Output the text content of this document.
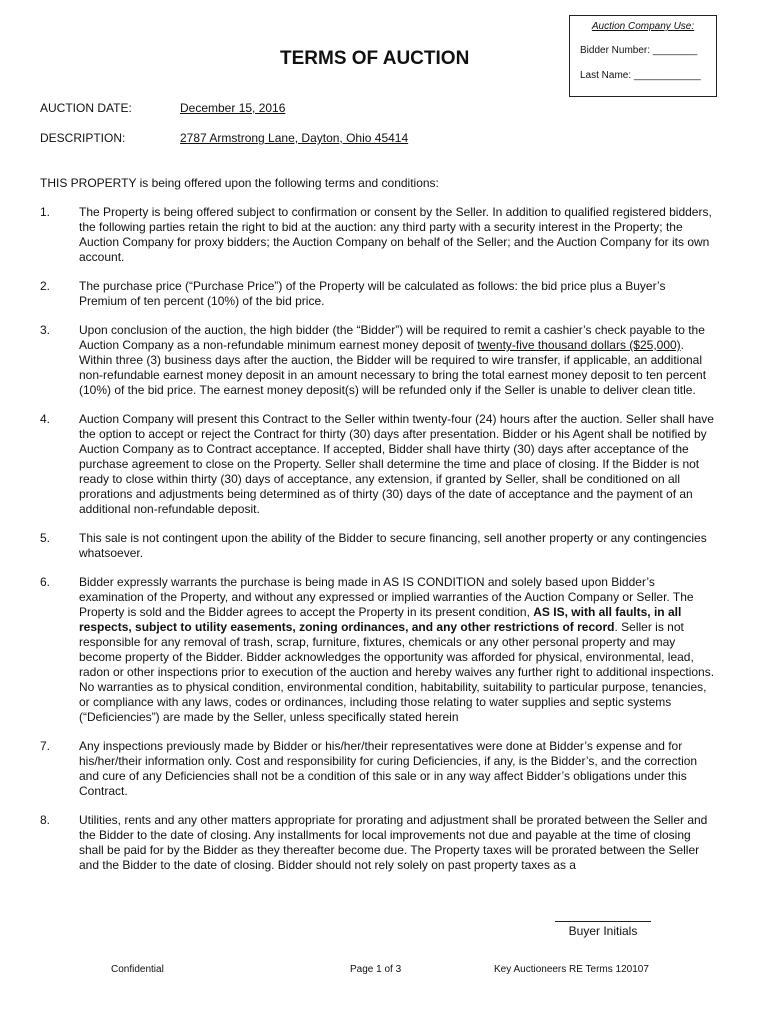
Auction Company Use:
Bidder Number: ________
Last Name: ____________
TERMS OF AUCTION
AUCTION DATE:	December 15, 2016
DESCRIPTION:	2787 Armstrong Lane, Dayton, Ohio 45414
THIS PROPERTY is being offered upon the following terms and conditions:
1.	The Property is being offered subject to confirmation or consent by the Seller. In addition to qualified registered bidders, the following parties retain the right to bid at the auction: any third party with a security interest in the Property; the Auction Company for proxy bidders; the Auction Company on behalf of the Seller; and the Auction Company for its own account.
2.	The purchase price (“Purchase Price”) of the Property will be calculated as follows: the bid price plus a Buyer’s Premium of ten percent (10%) of the bid price.
3.	Upon conclusion of the auction, the high bidder (the “Bidder”) will be required to remit a cashier’s check payable to the Auction Company as a non-refundable minimum earnest money deposit of twenty-five thousand dollars ($25,000). Within three (3) business days after the auction, the Bidder will be required to wire transfer, if applicable, an additional non-refundable earnest money deposit in an amount necessary to bring the total earnest money deposit to ten percent (10%) of the bid price. The earnest money deposit(s) will be refunded only if the Seller is unable to deliver clean title.
4.	Auction Company will present this Contract to the Seller within twenty-four (24) hours after the auction. Seller shall have the option to accept or reject the Contract for thirty (30) days after presentation. Bidder or his Agent shall be notified by Auction Company as to Contract acceptance. If accepted, Bidder shall have thirty (30) days after acceptance of the purchase agreement to close on the Property. Seller shall determine the time and place of closing. If the Bidder is not ready to close within thirty (30) days of acceptance, any extension, if granted by Seller, shall be conditioned on all prorations and adjustments being determined as of thirty (30) days of the date of acceptance and the payment of an additional non-refundable deposit.
5.	This sale is not contingent upon the ability of the Bidder to secure financing, sell another property or any contingencies whatsoever.
6.	Bidder expressly warrants the purchase is being made in AS IS CONDITION and solely based upon Bidder’s examination of the Property, and without any expressed or implied warranties of the Auction Company or Seller. The Property is sold and the Bidder agrees to accept the Property in its present condition, AS IS, with all faults, in all respects, subject to utility easements, zoning ordinances, and any other restrictions of record. Seller is not responsible for any removal of trash, scrap, furniture, fixtures, chemicals or any other personal property and may become property of the Bidder. Bidder acknowledges the opportunity was afforded for physical, environmental, lead, radon or other inspections prior to execution of the auction and hereby waives any further right to additional inspections. No warranties as to physical condition, environmental condition, habitability, suitability to particular purpose, tenancies, or compliance with any laws, codes or ordinances, including those relating to water supplies and septic systems (“Deficiencies”) are made by the Seller, unless specifically stated herein
7.	Any inspections previously made by Bidder or his/her/their representatives were done at Bidder’s expense and for his/her/their information only. Cost and responsibility for curing Deficiencies, if any, is the Bidder’s, and the correction and cure of any Deficiencies shall not be a condition of this sale or in any way affect Bidder’s obligations under this Contract.
8.	Utilities, rents and any other matters appropriate for prorating and adjustment shall be prorated between the Seller and the Bidder to the date of closing. Any installments for local improvements not due and payable at the time of closing shall be paid for by the Bidder as they thereafter become due. The Property taxes will be prorated between the Seller and the Bidder to the date of closing. Bidder should not rely solely on past property taxes as a
Buyer Initials
Confidential	Page 1 of 3	Key Auctioneers RE Terms 120107
